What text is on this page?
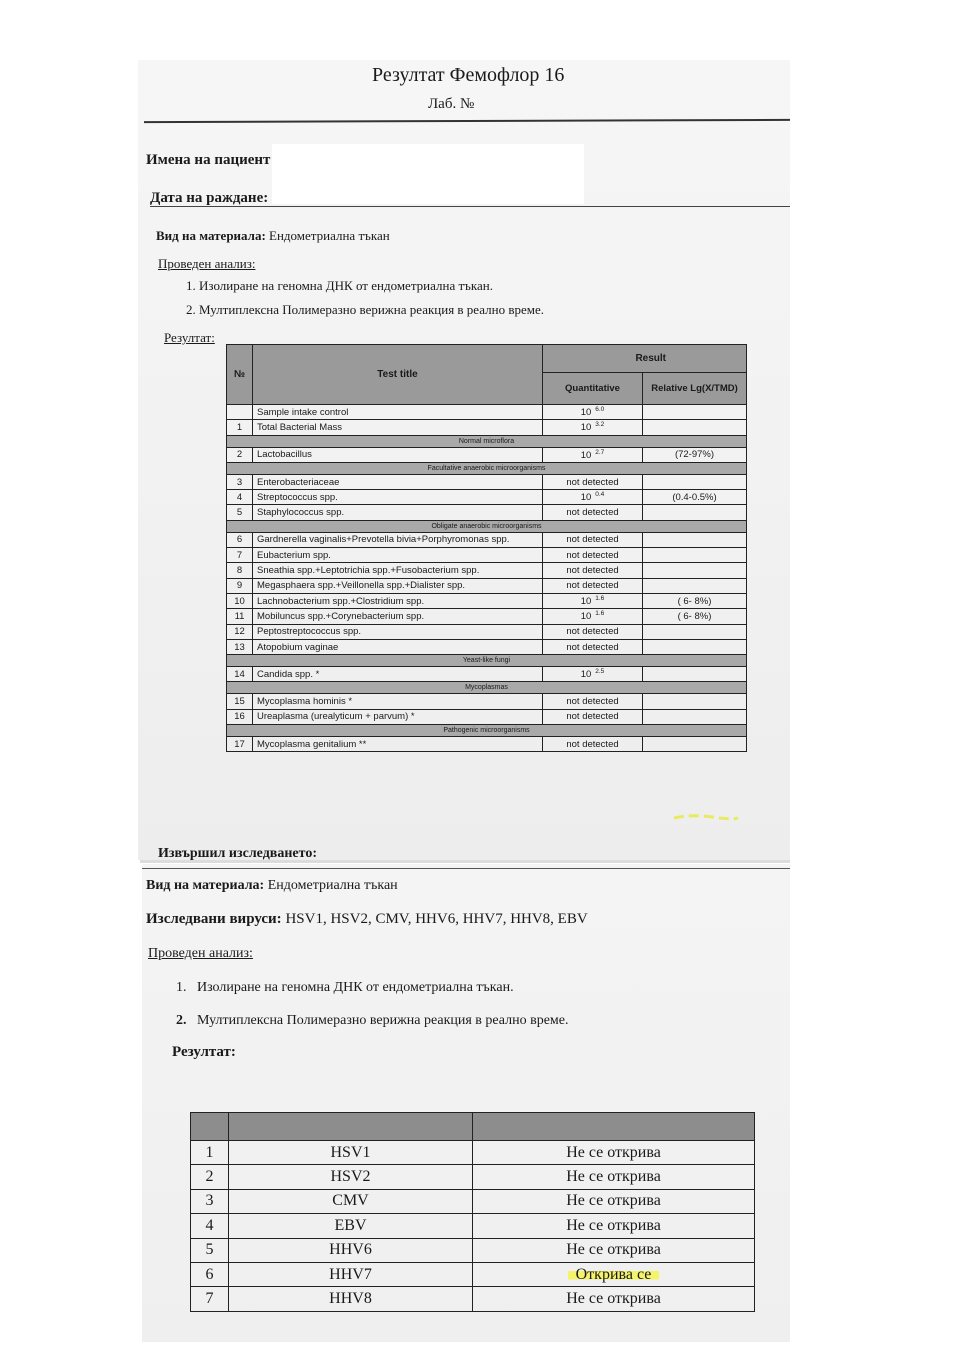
Резултат Фемофлор 16
Лаб. №
Имена на пациент
Дата на раждане:
Вид на материала: Ендометриална тъкан
Проведен анализ:
1. Изолиране на геномна ДНК от ендометриална тъкан.
2. Мултиплексна Полимеразно верижна реакция в реално време.
Резултат:
№	Test title	Result	
		Quantitative	Relative Lg(X/TMD)
	Sample intake control	10 $^{6.0}$	
1	Total Bacterial Mass	10 $^{3.2}$	
Normal microflora			
2	Lactobacillus	10 $^{2.7}$	(72-97%)
Facultative anaerobic microorganisms			
3	Enterobacteriaceae	not detected	
4	Streptococcus spp.	10 $^{0.4}$	(0.4-0.5%)
5	Staphylococcus spp.	not detected	
Obligate anaerobic microorganisms			
6	Gardnerella vaginalis+Prevotella bivia+Porphyromonas spp.	not detected	
7	Eubacterium spp.	not detected	
8	Sneathia spp.+Leptotrichia spp.+Fusobacterium spp.	not detected	
9	Megasphaera spp.+Veillonella spp.+Dialister spp.	not detected	
10	Lachnobacterium spp.+Clostridium spp.	10 $^{1.6}$	( 6- 8%)
11	Mobiluncus spp.+Corynebacterium spp.	10 $^{1.6}$	( 6- 8%)
12	Peptostreptococcus spp.	not detected	
13	Atopobium vaginae	not detected	
Yeast-like fungi			
14	Candida spp. *	10 $^{2.5}$	
Mycoplasmas			
15	Mycoplasma hominis *	not detected	
16	Ureaplasma (urealyticum + parvum) *	not detected	
Pathogenic microorganisms			
17	Mycoplasma genitalium **	not detected	
Извършил изследването:
Вид на материала: Ендометриална тъкан
Изследвани вируси: HSV1, HSV2, CMV, HHV6, HHV7, HHV8, EBV
Проведен анализ:
1. Изолиране на геномна ДНК от ендометриална тъкан.
2. Мултиплексна Полимеразно верижна реакция в реално време.
Резултат:

1	HSV1	Не се открива
2	HSV2	Не се открива
3	CMV	Не се открива
4	EBV	Не се открива
5	HHV6	Не се открива
6	HHV7	Открива се
7	HHV8	Не се открива
